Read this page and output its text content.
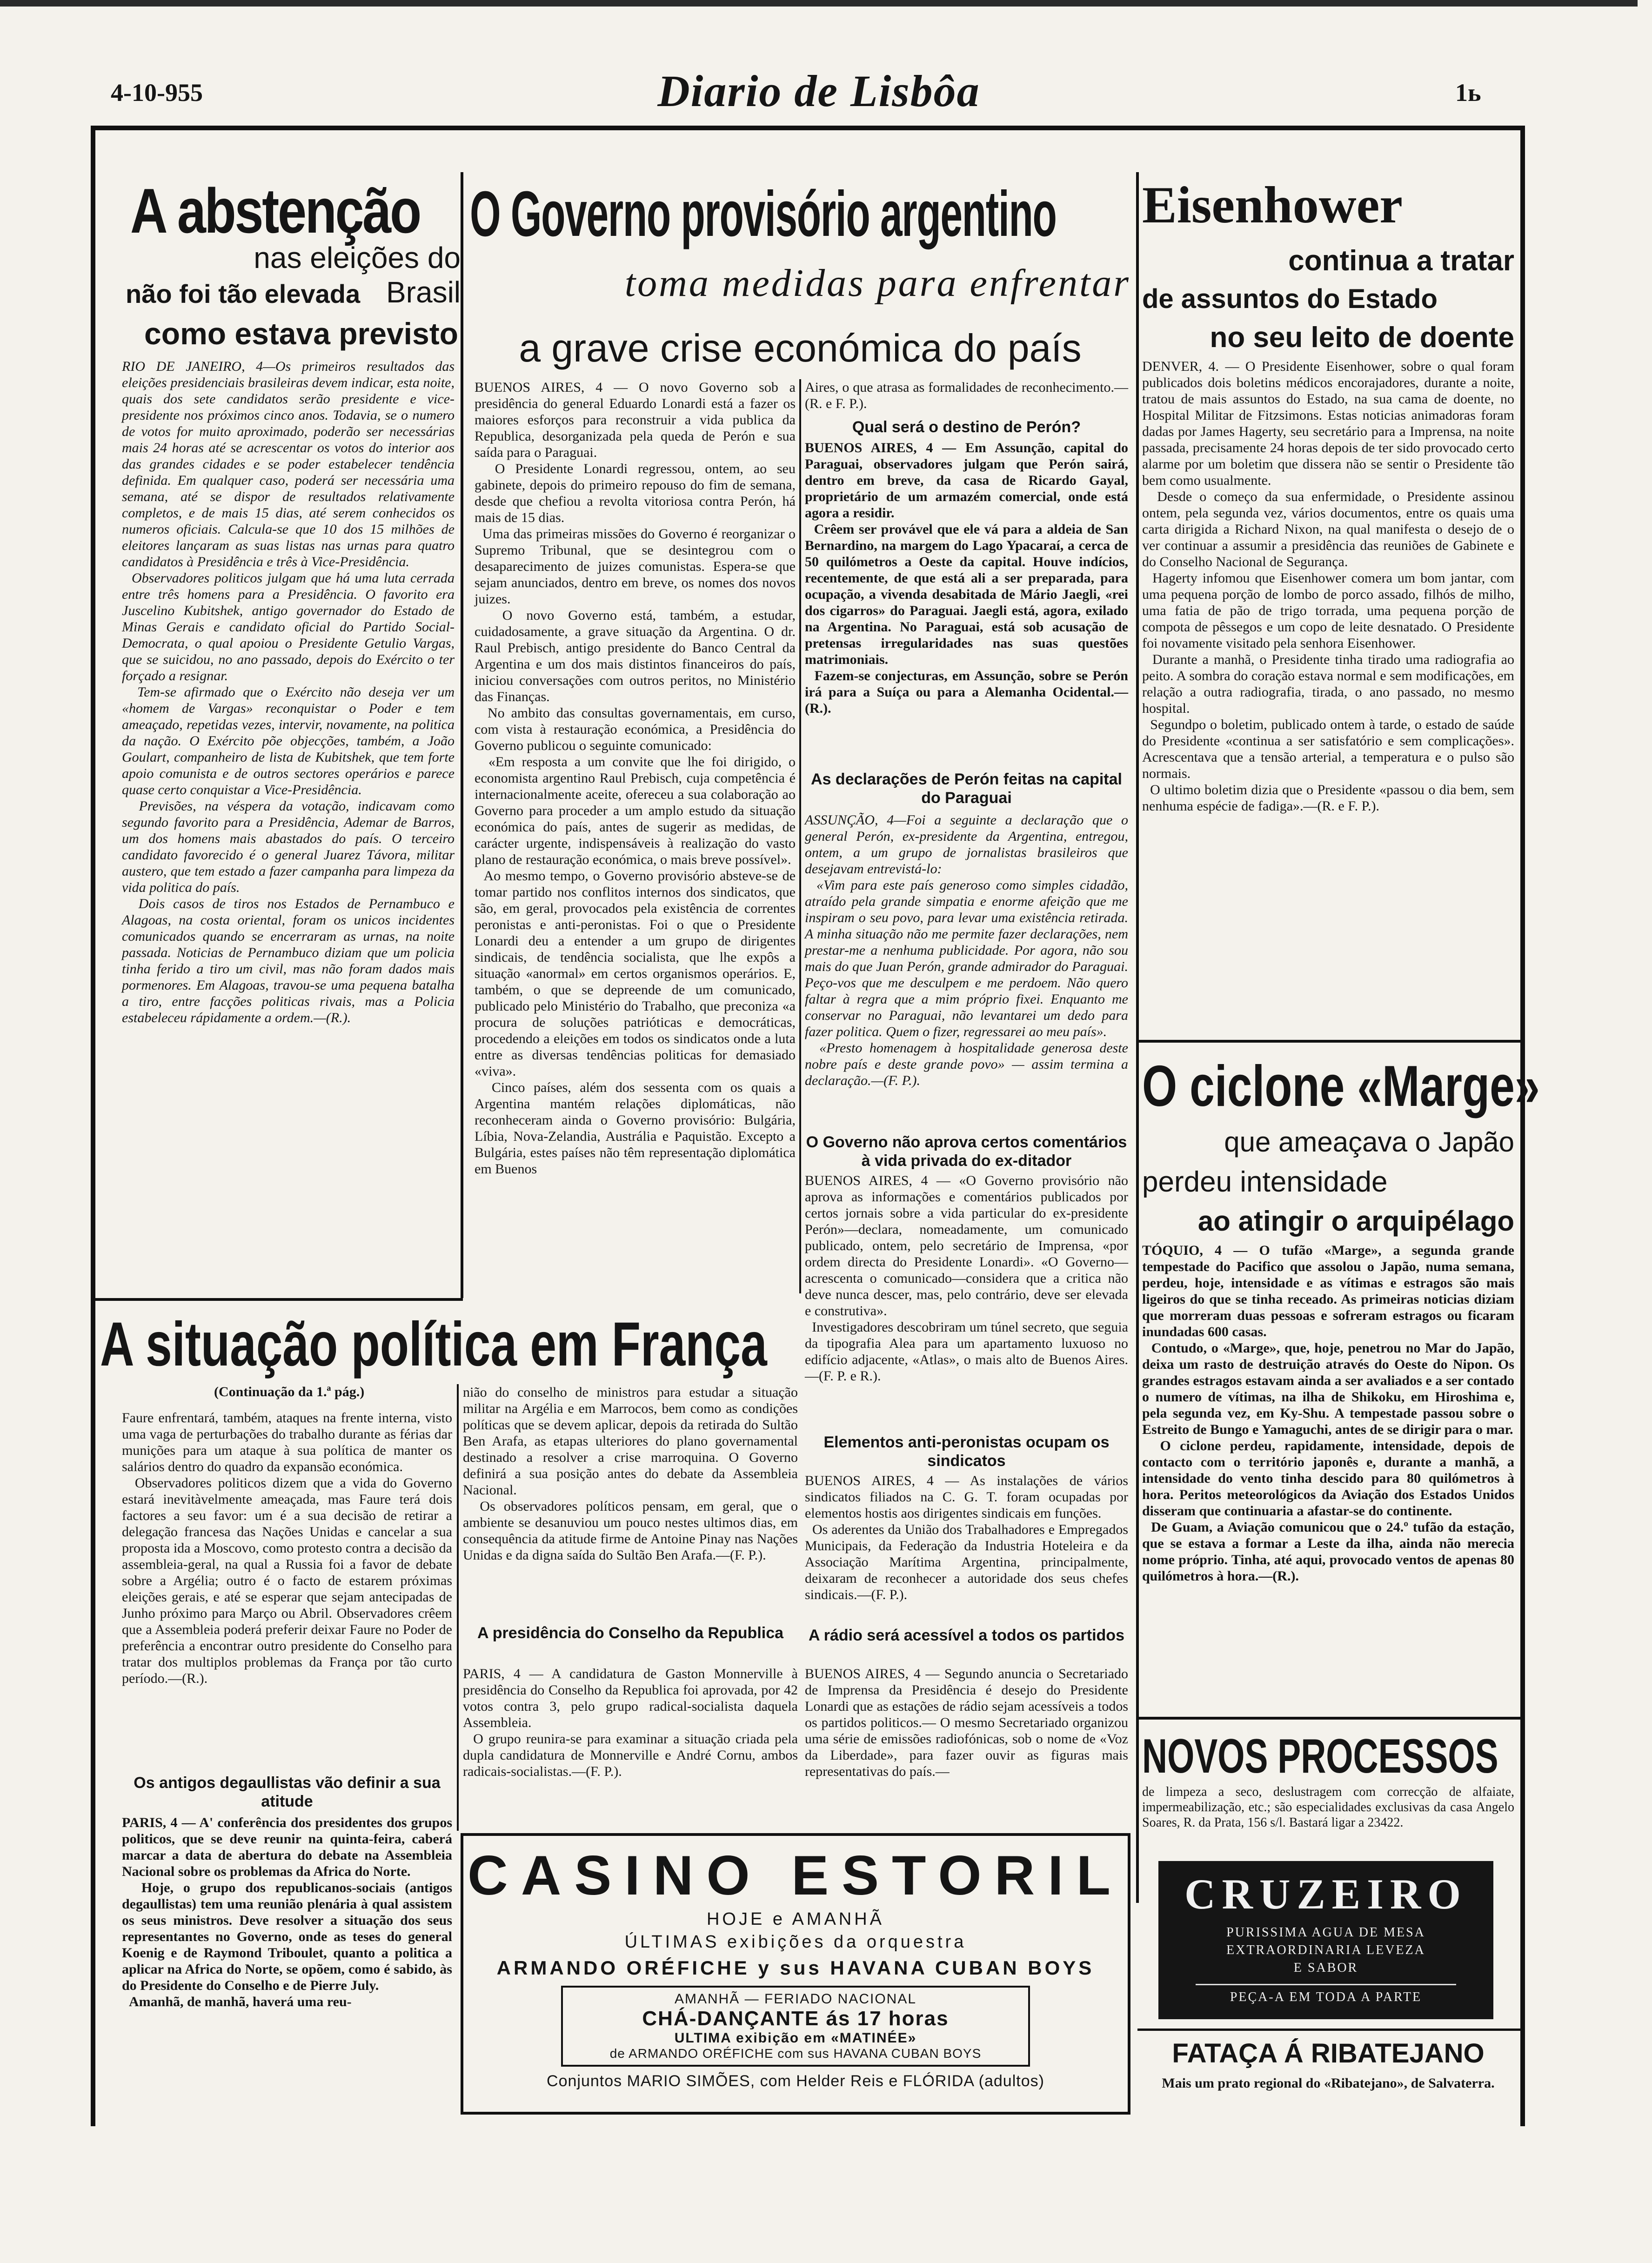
4-10-955	Diario de Lisbôa	1ь
A abstenção
nas eleições do Brasil
não foi tão elevada
como estava previsto
RIO DE JANEIRO, 4—Os primeiros resultados das eleições presidenciais brasileiras devem indicar, esta noite, quais dos sete candidatos serão presidente e vice-presidente nos próximos cinco anos. Todavia, se o numero de votos for muito aproximado, poderão ser necessárias mais 24 horas até se acrescentar os votos do interior aos das grandes cidades e se poder estabelecer tendência definida. Em qualquer caso, poderá ser necessária uma semana, até se dispor de resultados relativamente completos, e de mais 15 dias, até serem conhecidos os numeros oficiais. Calcula-se que 10 dos 15 milhões de eleitores lançaram as suas listas nas urnas para quatro candidatos à Presidência e três à Vice-Presidência.
Observadores politicos julgam que há uma luta cerrada entre três homens para a Presidência. O favorito era Juscelino Kubitshek, antigo governador do Estado de Minas Gerais e candidato oficial do Partido Social-Democrata, o qual apoiou o Presidente Getulio Vargas, que se suicidou, no ano passado, depois do Exército o ter forçado a resignar.
Tem-se afirmado que o Exército não deseja ver um «homem de Vargas» reconquistar o Poder e tem ameaçado, repetidas vezes, intervir, novamente, na politica da nação. O Exército põe objecções, também, a João Goulart, companheiro de lista de Kubitshek, que tem forte apoio comunista e de outros sectores operários e parece quase certo conquistar a Vice-Presidência.
Previsões, na véspera da votação, indicavam como segundo favorito para a Presidência, Ademar de Barros, um dos homens mais abastados do país. O terceiro candidato favorecido é o general Juarez Távora, militar austero, que tem estado a fazer campanha para limpeza da vida politica do país.
Dois casos de tiros nos Estados de Pernambuco e Alagoas, na costa oriental, foram os unicos incidentes comunicados quando se encerraram as urnas, na noite passada. Noticias de Pernambuco diziam que um policia tinha ferido a tiro um civil, mas não foram dados mais pormenores. Em Alagoas, travou-se uma pequena batalha a tiro, entre facções politicas rivais, mas a Policia estabeleceu rápidamente a ordem.—(R.).
O Governo provisório argentino
toma medidas para enfrentar
a grave crise económica do país
BUENOS AIRES, 4 — O novo Governo sob a presidência do general Eduardo Lonardi está a fazer os maiores esforços para reconstruir a vida publica da Republica, desorganizada pela queda de Perón e sua saída para o Paraguai.
O Presidente Lonardi regressou, ontem, ao seu gabinete, depois do primeiro repouso do fim de semana, desde que chefiou a revolta vitoriosa contra Perón, há mais de 15 dias.
Uma das primeiras missões do Governo é reorganizar o Supremo Tribunal, que se desintegrou com o desaparecimento de juizes comunistas. Espera-se que sejam anunciados, dentro em breve, os nomes dos novos juizes.
O novo Governo está, também, a estudar, cuidadosamente, a grave situação da Argentina. O dr. Raul Prebisch, antigo presidente do Banco Central da Argentina e um dos mais distintos financeiros do país, iniciou conversações com outros peritos, no Ministério das Finanças.
No ambito das consultas governamentais, em curso, com vista à restauração económica, a Presidência do Governo publicou o seguinte comunicado:
«Em resposta a um convite que lhe foi dirigido, o economista argentino Raul Prebisch, cuja competência é internacionalmente aceite, ofereceu a sua colaboração ao Governo para proceder a um amplo estudo da situação económica do país, antes de sugerir as medidas, de carácter urgente, indispensáveis à realização do vasto plano de restauração económica, o mais breve possível».
Ao mesmo tempo, o Governo provisório absteve-se de tomar partido nos conflitos internos dos sindicatos, que são, em geral, provocados pela existência de correntes peronistas e anti-peronistas. Foi o que o Presidente Lonardi deu a entender a um grupo de dirigentes sindicais, de tendência socialista, que lhe expôs a situação «anormal» em certos organismos operários. E, também, o que se depreende de um comunicado, publicado pelo Ministério do Trabalho, que preconiza «a procura de soluções patrióticas e democráticas, procedendo a eleições em todos os sindicatos onde a luta entre as diversas tendências politicas for demasiado «viva».
Cinco países, além dos sessenta com os quais a Argentina mantém relações diplomáticas, não reconheceram ainda o Governo provisório: Bulgária, Líbia, Nova-Zelandia, Austrália e Paquistão. Excepto a Bulgária, estes países não têm representação diplomática em Buenos
Aires, o que atrasa as formalidades de reconhecimento.—(R. e F. P.).
Qual será o destino de Perón?
BUENOS AIRES, 4 — Em Assunção, capital do Paraguai, observadores julgam que Perón sairá, dentro em breve, da casa de Ricardo Gayal, proprietário de um armazém comercial, onde está agora a residir.
Crêem ser provável que ele vá para a aldeia de San Bernardino, na margem do Lago Ypacaraí, a cerca de 50 quilómetros a Oeste da capital. Houve indícios, recentemente, de que está ali a ser preparada, para ocupação, a vivenda desabitada de Mário Jaegli, «rei dos cigarros» do Paraguai. Jaegli está, agora, exilado na Argentina. No Paraguai, está sob acusação de pretensas irregularidades nas suas questões matrimoniais.
Fazem-se conjecturas, em Assunção, sobre se Perón irá para a Suíça ou para a Alemanha Ocidental.—(R.).
As declarações de Perón feitas na capital do Paraguai
ASSUNÇÃO, 4—Foi a seguinte a declaração que o general Perón, ex-presidente da Argentina, entregou, ontem, a um grupo de jornalistas brasileiros que desejavam entrevistá-lo:
«Vim para este país generoso como simples cidadão, atraído pela grande simpatia e enorme afeição que me inspiram o seu povo, para levar uma existência retirada. A minha situação não me permite fazer declarações, nem prestar-me a nenhuma publicidade. Por agora, não sou mais do que Juan Perón, grande admirador do Paraguai. Peço-vos que me desculpem e me perdoem. Não quero faltar à regra que a mim próprio fixei. Enquanto me conservar no Paraguai, não levantarei um dedo para fazer politica. Quem o fizer, regressarei ao meu país».
«Presto homenagem à hospitalidade generosa deste nobre país e deste grande povo» — assim termina a declaração.—(F. P.).
O Governo não aprova certos comentários à vida privada do ex-ditador
BUENOS AIRES, 4 — «O Governo provisório não aprova as informações e comentários publicados por certos jornais sobre a vida particular do ex-presidente Perón»—declara, nomeadamente, um comunicado publicado, ontem, pelo secretário de Imprensa, «por ordem directa do Presidente Lonardi». «O Governo—acrescenta o comunicado—considera que a critica não deve nunca descer, mas, pelo contrário, deve ser elevada e construtiva».
Investigadores descobriram um túnel secreto, que seguia da tipografia Alea para um apartamento luxuoso no edifício adjacente, «Atlas», o mais alto de Buenos Aires.—(F. P. e R.).
Elementos anti-peronistas ocupam os sindicatos
BUENOS AIRES, 4 — As instalações de vários sindicatos filiados na C. G. T. foram ocupadas por elementos hostis aos dirigentes sindicais em funções.
Os aderentes da União dos Trabalhadores e Empregados Municipais, da Federação da Industria Hoteleira e da Associação Marítima Argentina, principalmente, deixaram de reconhecer a autoridade dos seus chefes sindicais.—(F. P.).
A rádio será acessível a todos os partidos
BUENOS AIRES, 4 — Segundo anuncia o Secretariado de Imprensa da Presidência é desejo do Presidente Lonardi que as estações de rádio sejam acessíveis a todos os partidos politicos.— O mesmo Secretariado organizou uma série de emissões radiofónicas, sob o nome de «Voz da Liberdade», para fazer ouvir as figuras mais representativas do país.—
Eisenhower
continua a tratar
de assuntos do Estado
no seu leito de doente
DENVER, 4. — O Presidente Eisenhower, sobre o qual foram publicados dois boletins médicos encorajadores, durante a noite, tratou de mais assuntos do Estado, na sua cama de doente, no Hospital Militar de Fitzsimons. Estas noticias animadoras foram dadas por James Hagerty, seu secretário para a Imprensa, na noite passada, precisamente 24 horas depois de ter sido provocado certo alarme por um boletim que dissera não se sentir o Presidente tão bem como usualmente.
Desde o começo da sua enfermidade, o Presidente assinou ontem, pela segunda vez, vários documentos, entre os quais uma carta dirigida a Richard Nixon, na qual manifesta o desejo de o ver continuar a assumir a presidência das reuniões de Gabinete e do Conselho Nacional de Segurança.
Hagerty infomou que Eisenhower comera um bom jantar, com uma pequena porção de lombo de porco assado, filhós de milho, uma fatia de pão de trigo torrada, uma pequena porção de compota de pêssegos e um copo de leite desnatado. O Presidente foi novamente visitado pela senhora Eisenhower.
Durante a manhã, o Presidente tinha tirado uma radiografia ao peito. A sombra do coração estava normal e sem modificações, em relação a outra radiografia, tirada, o ano passado, no mesmo hospital.
Segundpo o boletim, publicado ontem à tarde, o estado de saúde do Presidente «continua a ser satisfatório e sem complicações». Acrescentava que a tensão arterial, a temperatura e o pulso são normais.
O ultimo boletim dizia que o Presidente «passou o dia bem, sem nenhuma espécie de fadiga».—(R. e F. P.).
O ciclone «Marge»
que ameaçava o Japão
perdeu intensidade
ao atingir o arquipélago
TÓQUIO, 4 — O tufão «Marge», a segunda grande tempestade do Pacifico que assolou o Japão, numa semana, perdeu, hoje, intensidade e as vítimas e estragos são mais ligeiros do que se tinha receado. As primeiras noticias diziam que morreram duas pessoas e sofreram estragos ou ficaram inundadas 600 casas.
Contudo, o «Marge», que, hoje, penetrou no Mar do Japão, deixa um rasto de destruição através do Oeste do Nipon. Os grandes estragos estavam ainda a ser avaliados e a ser contado o numero de vítimas, na ilha de Shikoku, em Hiroshima e, pela segunda vez, em Ky-Shu. A tempestade passou sobre o Estreito de Bungo e Yamaguchi, antes de se dirigir para o mar.
O ciclone perdeu, rapidamente, intensidade, depois de contacto com o território japonês e, durante a manhã, a intensidade do vento tinha descido para 80 quilómetros à hora. Peritos meteorológicos da Aviação dos Estados Unidos disseram que continuaria a afastar-se do continente.
De Guam, a Aviação comunicou que o 24.º tufão da estação, que se estava a formar a Leste da ilha, ainda não merecia nome próprio. Tinha, até aqui, provocado ventos de apenas 80 quilómetros à hora.—(R.).
A situação política em França
(Continuação da 1.ª pág.)
Faure enfrentará, também, ataques na frente interna, visto uma vaga de perturbações do trabalho durante as férias dar munições para um ataque à sua política de manter os salários dentro do quadro da expansão económica.
Observadores politicos dizem que a vida do Governo estará inevitàvelmente ameaçada, mas Faure terá dois factores a seu favor: um é a sua decisão de retirar a delegação francesa das Nações Unidas e cancelar a sua proposta ida a Moscovo, como protesto contra a decisão da assembleia-geral, na qual a Russia foi a favor de debate sobre a Argélia; outro é o facto de estarem próximas eleições gerais, e até se esperar que sejam antecipadas de Junho próximo para Março ou Abril. Observadores crêem que a Assembleia poderá preferir deixar Faure no Poder de preferência a encontrar outro presidente do Conselho para tratar dos multiplos problemas da França por tão curto período.—(R.).
Os antigos degaullistas vão definir a sua atitude
PARIS, 4 — A' conferência dos presidentes dos grupos politicos, que se deve reunir na quinta-feira, caberá marcar a data de abertura do debate na Assembleia Nacional sobre os problemas da Africa do Norte.
Hoje, o grupo dos republicanos-sociais (antigos degaullistas) tem uma reunião plenária à qual assistem os seus ministros. Deve resolver a situação dos seus representantes no Governo, onde as teses do general Koenig e de Raymond Triboulet, quanto a politica a aplicar na Africa do Norte, se opõem, como é sabido, às do Presidente do Conselho e de Pierre July.
Amanhã, de manhã, haverá uma reu-
nião do conselho de ministros para estudar a situação militar na Argélia e em Marrocos, bem como as condições políticas que se devem aplicar, depois da retirada do Sultão Ben Arafa, as etapas ulteriores do plano governamental destinado a resolver a crise marroquina. O Governo definirá a sua posição antes do debate da Assembleia Nacional.
Os observadores políticos pensam, em geral, que o ambiente se desanuviou um pouco nestes ultimos dias, em consequência da atitude firme de Antoine Pinay nas Nações Unidas e da digna saída do Sultão Ben Arafa.—(F. P.).
A presidência do Conselho da Republica
PARIS, 4 — A candidatura de Gaston Monnerville à presidência do Conselho da Republica foi aprovada, por 42 votos contra 3, pelo grupo radical-socialista daquela Assembleia.
O grupo reunira-se para examinar a situação criada pela dupla candidatura de Monnerville e André Cornu, ambos radicais-socialistas.—(F. P.).
CASINO ESTORIL
HOJE e AMANHÃ
ÚLTIMAS exibições da orquestra
ARMANDO ORÉFICHE y sus HAVANA CUBAN BOYS
AMANHÃ — FERIADO NACIONAL
CHÁ-DANÇANTE ás 17 horas
ULTIMA exibição em «MATINÉE»
de ARMANDO ORÉFICHE com sus HAVANA CUBAN BOYS
Conjuntos MARIO SIMÕES, com Helder Reis e FLÓRIDA (adultos)
NOVOS PROCESSOS
de limpeza a seco, deslustragem com correcção de alfaiate, impermeabilização, etc.; são especialidades exclusivas da casa Angelo Soares, R. da Prata, 156 s/l. Bastará ligar a 23422.
CRUZEIRO
PURISSIMA AGUA DE MESA
EXTRAORDINARIA LEVEZA
E SABOR
PEÇA-A EM TODA A PARTE
FATAÇA Á RIBATEJANO
Mais um prato regional do «Ribatejano», de Salvaterra.
